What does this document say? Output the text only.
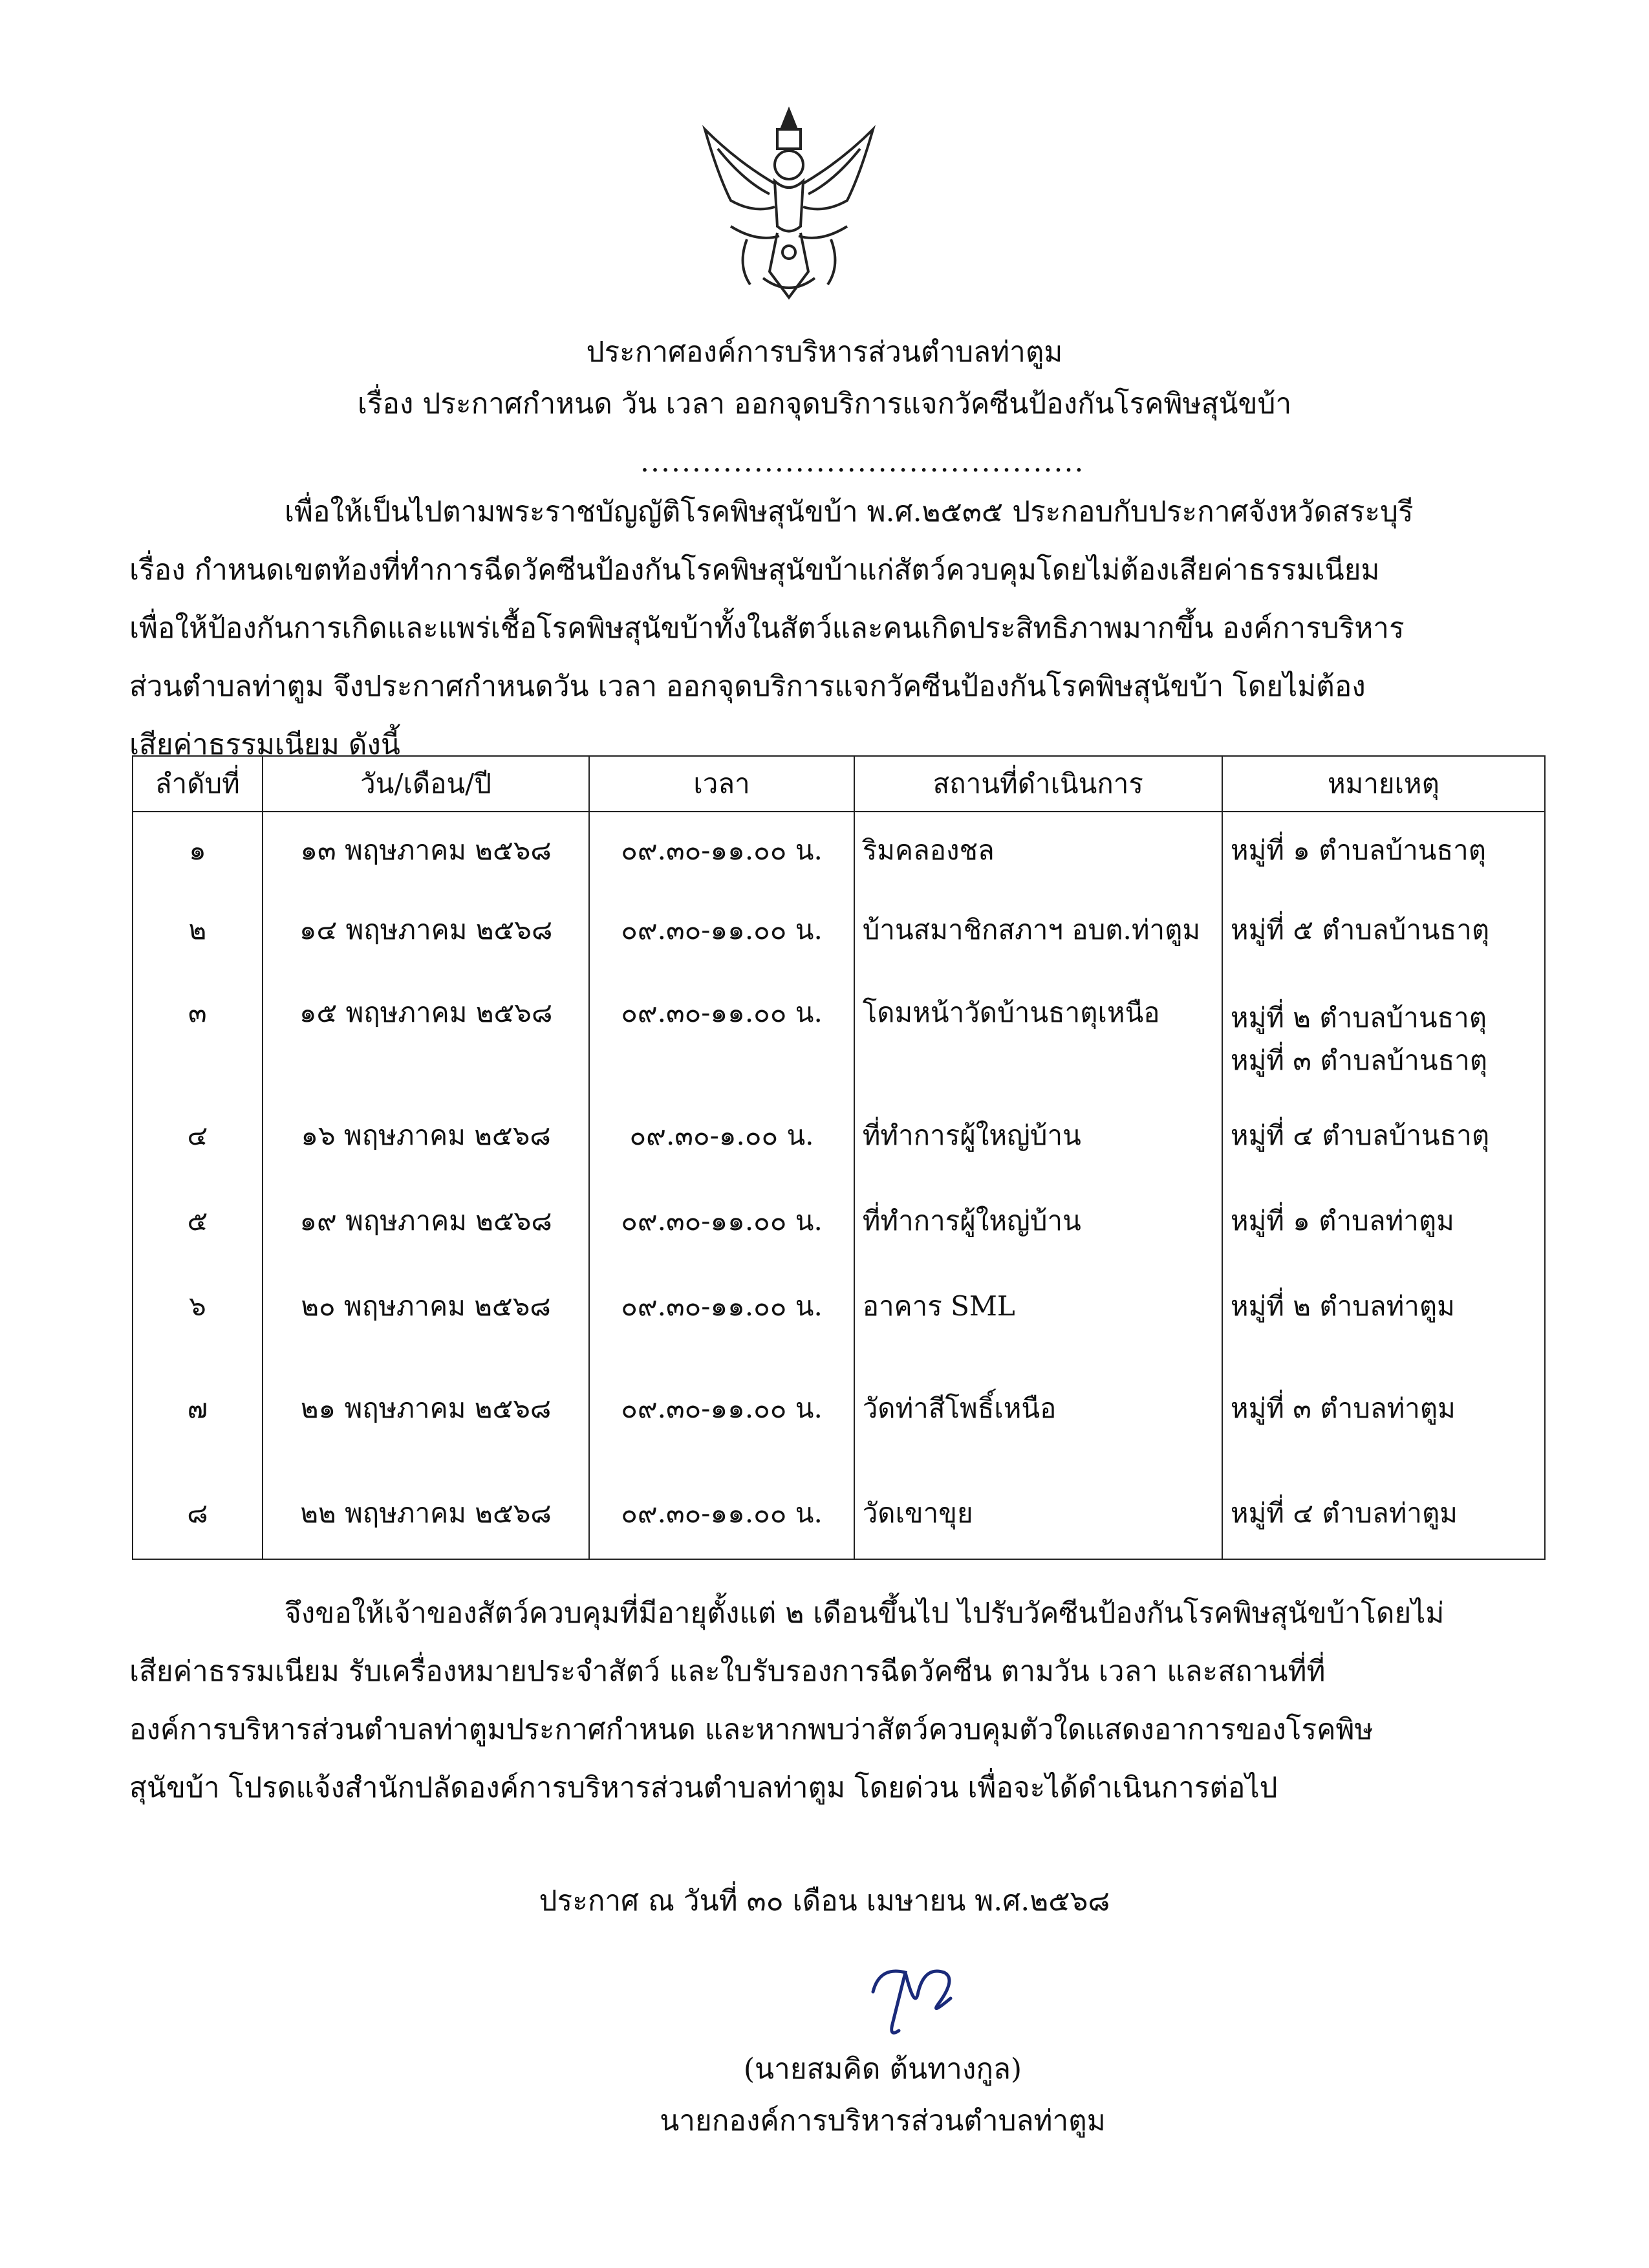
ประกาศองค์การบริหารส่วนตำบลท่าตูม
เรื่อง ประกาศกำหนด วัน เวลา ออกจุดบริการแจกวัคซีนป้องกันโรคพิษสุนัขบ้า
...........................................
เพื่อให้เป็นไปตามพระราชบัญญัติโรคพิษสุนัขบ้า พ.ศ.๒๕๓๕ ประกอบกับประกาศจังหวัดสระบุรี
เรื่อง กำหนดเขตท้องที่ทำการฉีดวัคซีนป้องกันโรคพิษสุนัขบ้าแก่สัตว์ควบคุมโดยไม่ต้องเสียค่าธรรมเนียม
เพื่อให้ป้องกันการเกิดและแพร่เชื้อโรคพิษสุนัขบ้าทั้งในสัตว์และคนเกิดประสิทธิภาพมากขึ้น องค์การบริหาร
ส่วนตำบลท่าตูม จึงประกาศกำหนดวัน เวลา ออกจุดบริการแจกวัคซีนป้องกันโรคพิษสุนัขบ้า โดยไม่ต้อง
เสียค่าธรรมเนียม ดังนี้
ลำดับที่	วัน/เดือน/ปี	เวลา	สถานที่ดำเนินการ	หมายเหตุ
๑	๑๓ พฤษภาคม ๒๕๖๘	๐๙.๓๐-๑๑.๐๐ น.	ริมคลองชล	หมู่ที่ ๑ ตำบลบ้านธาตุ

๒	๑๔ พฤษภาคม ๒๕๖๘	๐๙.๓๐-๑๑.๐๐ น.	บ้านสมาชิกสภาฯ อบต.ท่าตูม	หมู่ที่ ๕ ตำบลบ้านธาตุ

๓	๑๕ พฤษภาคม ๒๕๖๘	๐๙.๓๐-๑๑.๐๐ น.	โดมหน้าวัดบ้านธาตุเหนือ	หมู่ที่ ๒ ตำบลบ้านธาตุ
หมู่ที่ ๓ ตำบลบ้านธาตุ

๔	๑๖ พฤษภาคม ๒๕๖๘	๐๙.๓๐-๑.๐๐ น.	ที่ทำการผู้ใหญ่บ้าน	หมู่ที่ ๔ ตำบลบ้านธาตุ

๕	๑๙ พฤษภาคม ๒๕๖๘	๐๙.๓๐-๑๑.๐๐ น.	ที่ทำการผู้ใหญ่บ้าน	หมู่ที่ ๑ ตำบลท่าตูม

๖	๒๐ พฤษภาคม ๒๕๖๘	๐๙.๓๐-๑๑.๐๐ น.	อาคาร SML	หมู่ที่ ๒ ตำบลท่าตูม

๗	๒๑ พฤษภาคม ๒๕๖๘	๐๙.๓๐-๑๑.๐๐ น.	วัดท่าสีโพธิ์เหนือ	หมู่ที่ ๓ ตำบลท่าตูม

๘	๒๒ พฤษภาคม ๒๕๖๘	๐๙.๓๐-๑๑.๐๐ น.	วัดเขาขุย	หมู่ที่ ๔ ตำบลท่าตูม
จึงขอให้เจ้าของสัตว์ควบคุมที่มีอายุตั้งแต่ ๒ เดือนขึ้นไป ไปรับวัคซีนป้องกันโรคพิษสุนัขบ้าโดยไม่
เสียค่าธรรมเนียม รับเครื่องหมายประจำสัตว์ และใบรับรองการฉีดวัคซีน ตามวัน เวลา และสถานที่ที่
องค์การบริหารส่วนตำบลท่าตูมประกาศกำหนด และหากพบว่าสัตว์ควบคุมตัวใดแสดงอาการของโรคพิษ
สุนัขบ้า โปรดแจ้งสำนักปลัดองค์การบริหารส่วนตำบลท่าตูม โดยด่วน เพื่อจะได้ดำเนินการต่อไป
ประกาศ ณ วันที่ ๓๐ เดือน เมษายน พ.ศ.๒๕๖๘
(นายสมคิด ต้นทางกูล)
นายกองค์การบริหารส่วนตำบลท่าตูม
